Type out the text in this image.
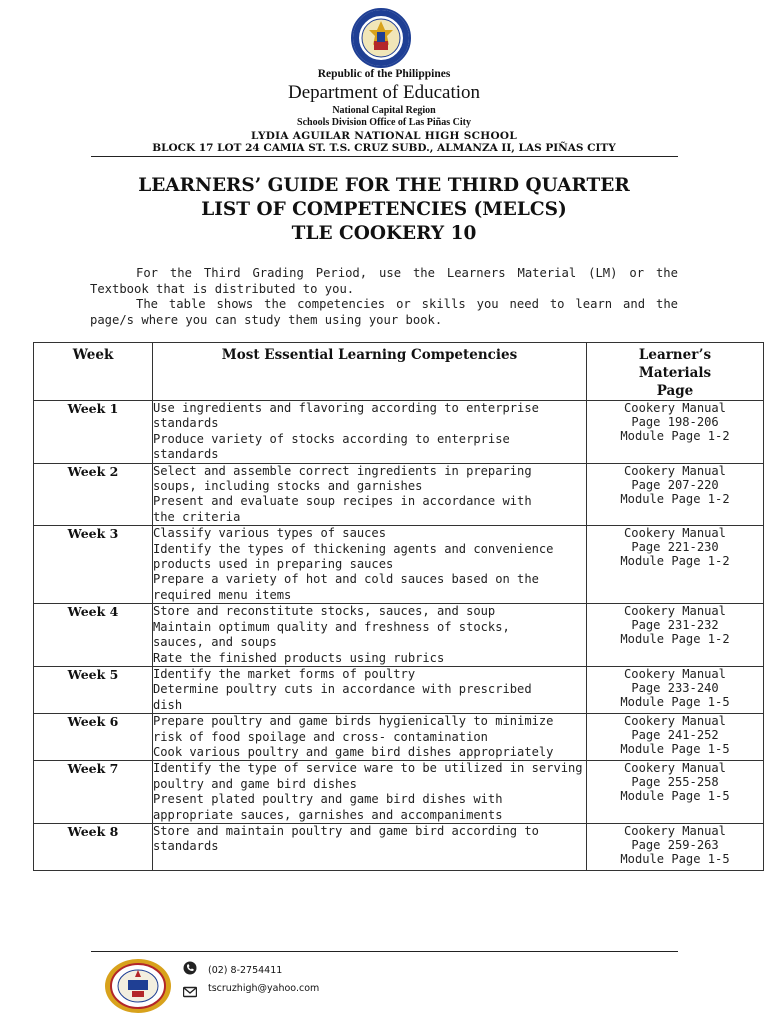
Republic of the Philippines
Department of Education
National Capital Region
Schools Division Office of Las Piñas City
LYDIA AGUILAR NATIONAL HIGH SCHOOL
BLOCK 17 LOT 24 CAMIA ST. T.S. CRUZ SUBD., ALMANZA II, LAS PIÑAS CITY
LEARNERS’ GUIDE FOR THE THIRD QUARTER
LIST OF COMPETENCIES (MELCS)
TLE COOKERY 10
For the Third Grading Period, use the Learners Material (LM) or the Textbook that is distributed to you.
The table shows the competencies or skills you need to learn and the page/s where you can study them using your book.
Week	Most Essential Learning Competencies	Learner’s
Materials
Page

Week 1	Use ingredients and flavoring according to enterprise
standards
Produce variety of stocks according to enterprise
standards	Cookery Manual
Page 198-206
Module Page 1-2

Week 2	Select and assemble correct ingredients in preparing
soups, including stocks and garnishes
Present and evaluate soup recipes in accordance with
the criteria	Cookery Manual
Page 207-220
Module Page 1-2

Week 3	Classify various types of sauces
Identify the types of thickening agents and convenience
products used in preparing sauces
Prepare a variety of hot and cold sauces based on the
required menu items	Cookery Manual
Page 221-230
Module Page 1-2

Week 4	Store and reconstitute stocks, sauces, and soup
Maintain optimum quality and freshness of stocks,
sauces, and soups
Rate the finished products using rubrics	Cookery Manual
Page 231-232
Module Page 1-2

Week 5	Identify the market forms of poultry
Determine poultry cuts in accordance with prescribed
dish	Cookery Manual
Page 233-240
Module Page 1-5

Week 6	Prepare poultry and game birds hygienically to minimize
risk of food spoilage and cross- contamination
Cook various poultry and game bird dishes appropriately	Cookery Manual
Page 241-252
Module Page 1-5

Week 7	Identify the type of service ware to be utilized in serving
poultry and game bird dishes
Present plated poultry and game bird dishes with
appropriate sauces, garnishes and accompaniments	Cookery Manual
Page 255-258
Module Page 1-5

Week 8	Store and maintain poultry and game bird according to
standards	Cookery Manual
Page 259-263
Module Page 1-5
(02) 8-2754411
tscruzhigh@yahoo.com
